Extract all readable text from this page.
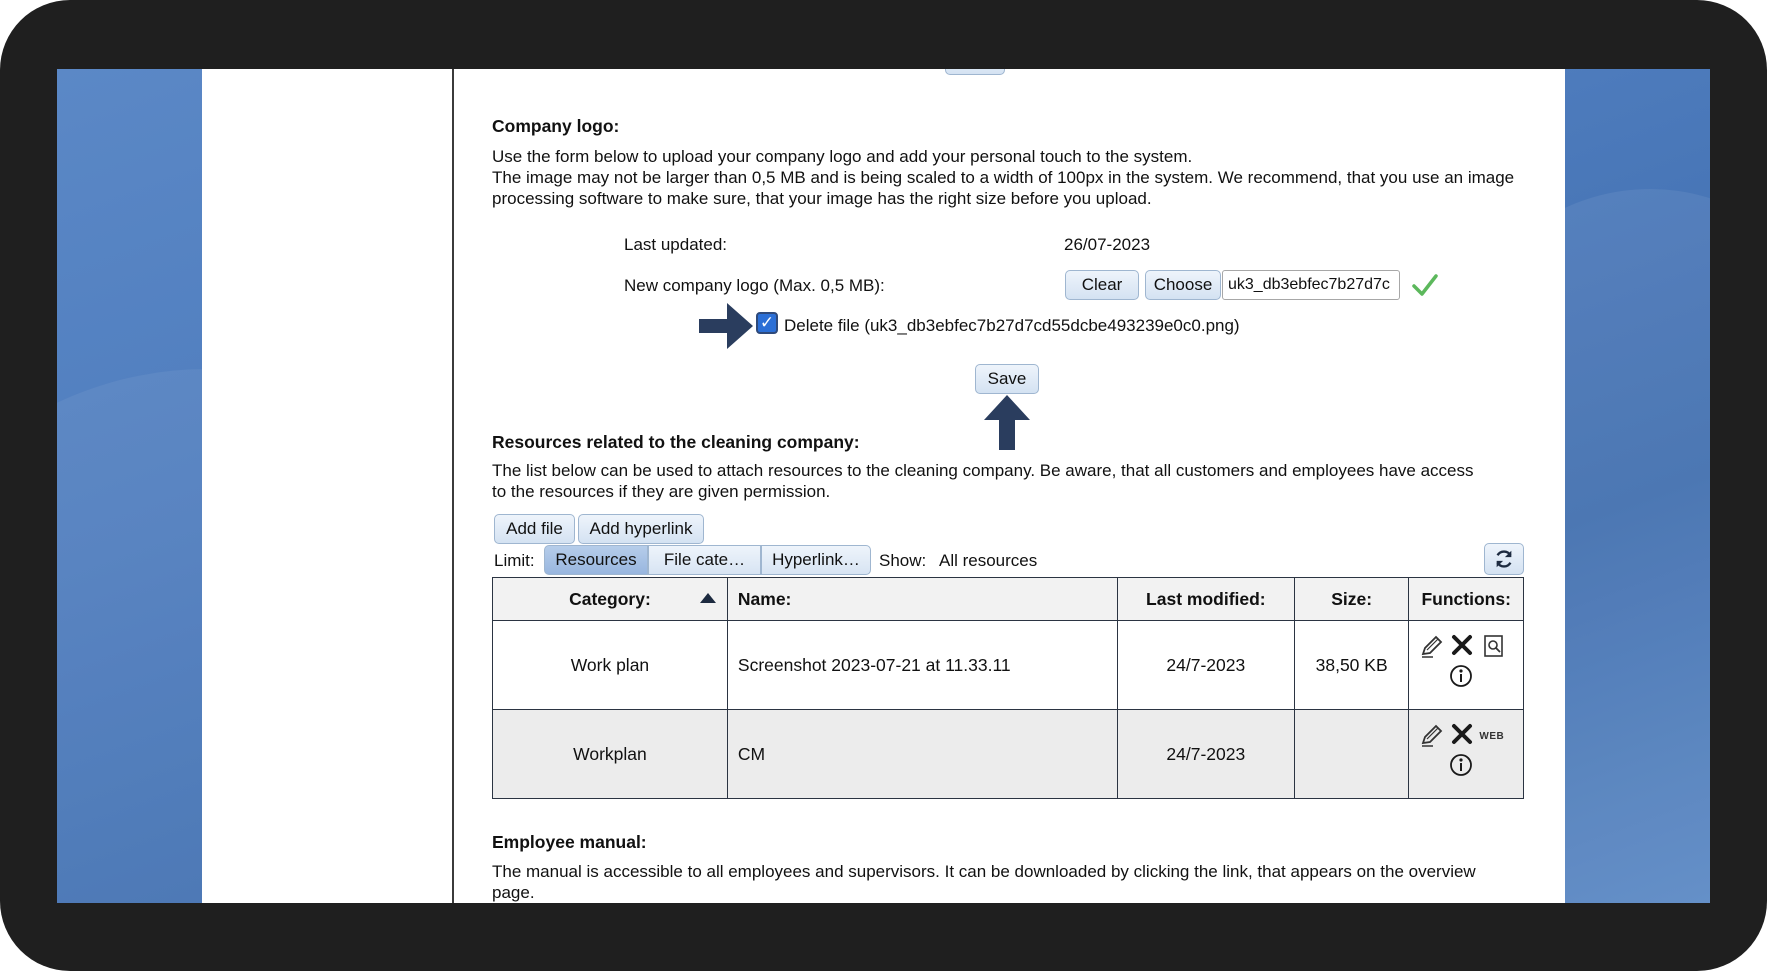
Company logo:
Use the form below to upload your company logo and add your personal touch to the system.
The image may not be larger than 0,5 MB and is being scaled to a width of 100px in the system. We recommend, that you use an image processing software to make sure, that your image has the right size before you upload.
Last updated:	26/07-2023
New company logo (Max. 0,5 MB):	Clear	Choose uk3_db3ebfec7b27d7c
✓ Delete file (uk3_db3ebfec7b27d7cd55dcbe493239e0c0.png)
Save
Resources related to the cleaning company:
The list below can be used to attach resources to the cleaning company. Be aware, that all customers and employees have access to the resources if they are given permission.
Add file	Add hyperlink
Limit:	Resources	File cate…	Hyperlink…	Show: All resources
Category:	Name:	Last modified:	Size:	Functions:
Work plan	Screenshot 2023-07-21 at 11.33.11	24/7-2023	38,50 KB	

Workplan	CM	24/7-2023		WEB
Employee manual:
The manual is accessible to all employees and supervisors. It can be downloaded by clicking the link, that appears on the overview page.
